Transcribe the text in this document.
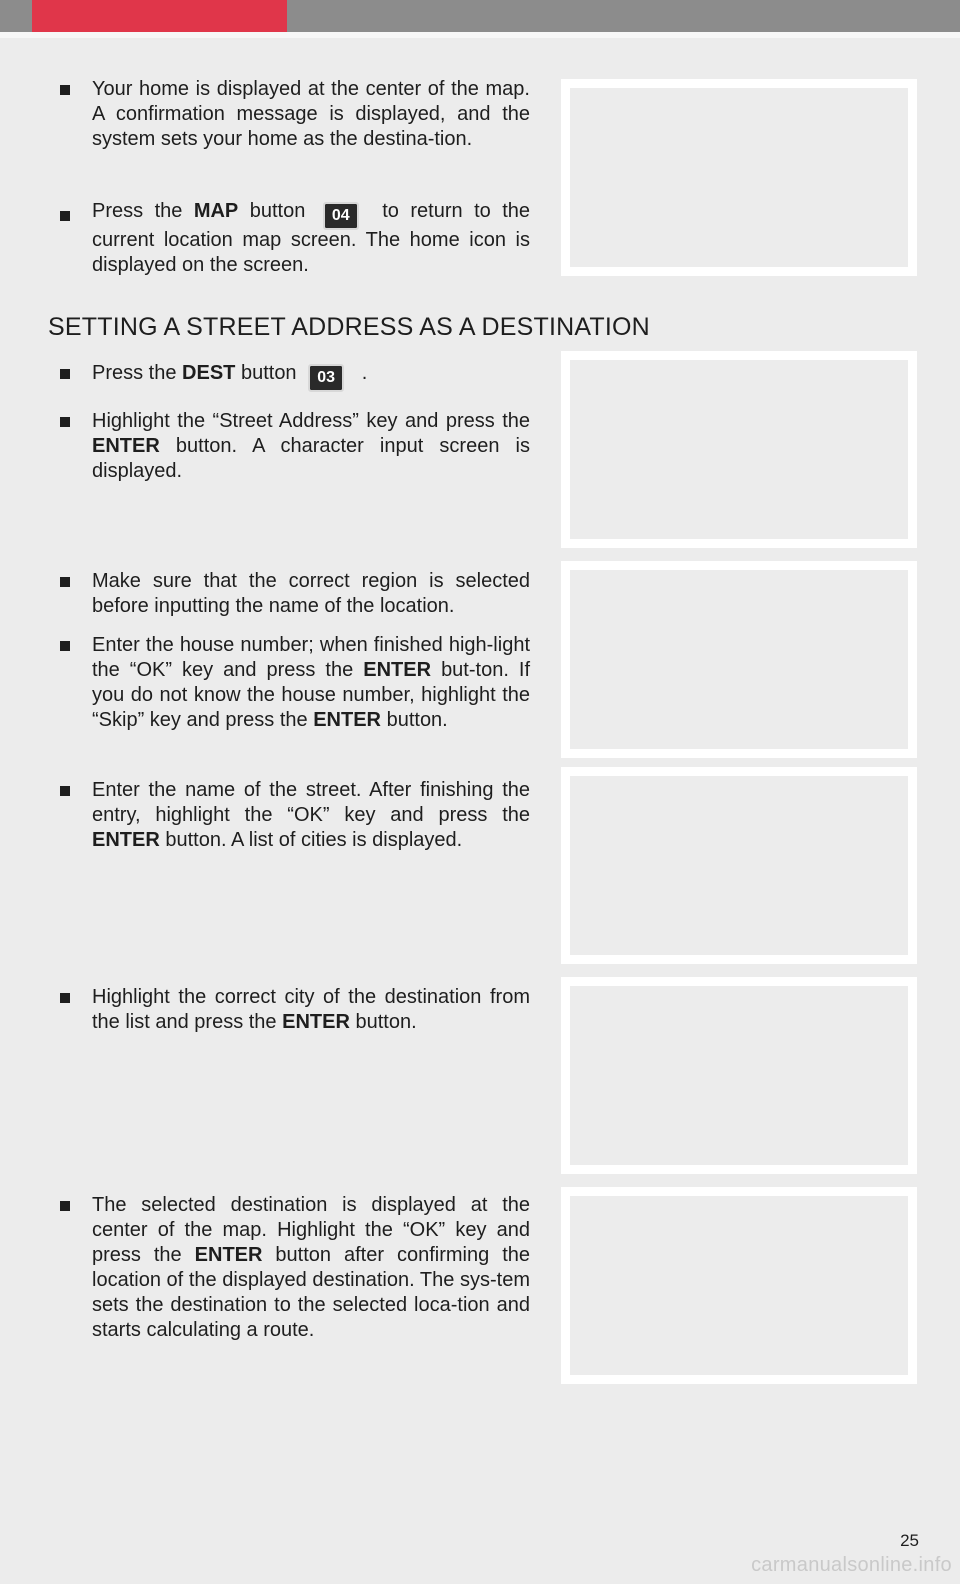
Your home is displayed at the center of the map. A confirmation message is displayed, and the system sets your home as the destina-tion.
Press the MAP button 04 to return to the current location map screen. The home icon is displayed on the screen.
SETTING A STREET ADDRESS AS A DESTINATION
Press the DEST button 03 .
Highlight the “Street Address” key and press the ENTER button. A character input screen is displayed.
Make sure that the correct region is selected before inputting the name of the location.
Enter the house number; when finished high-light the “OK” key and press the ENTER but-ton. If you do not know the house number, highlight the “Skip” key and press the ENTER button.
Enter the name of the street. After finishing the entry, highlight the “OK” key and press the ENTER button. A list of cities is displayed.
Highlight the correct city of the destination from the list and press the ENTER button.
The selected destination is displayed at the center of the map. Highlight the “OK” key and press the ENTER button after confirming the location of the displayed destination. The sys-tem sets the destination to the selected loca-tion and starts calculating a route.
25
carmanualsonline.info
